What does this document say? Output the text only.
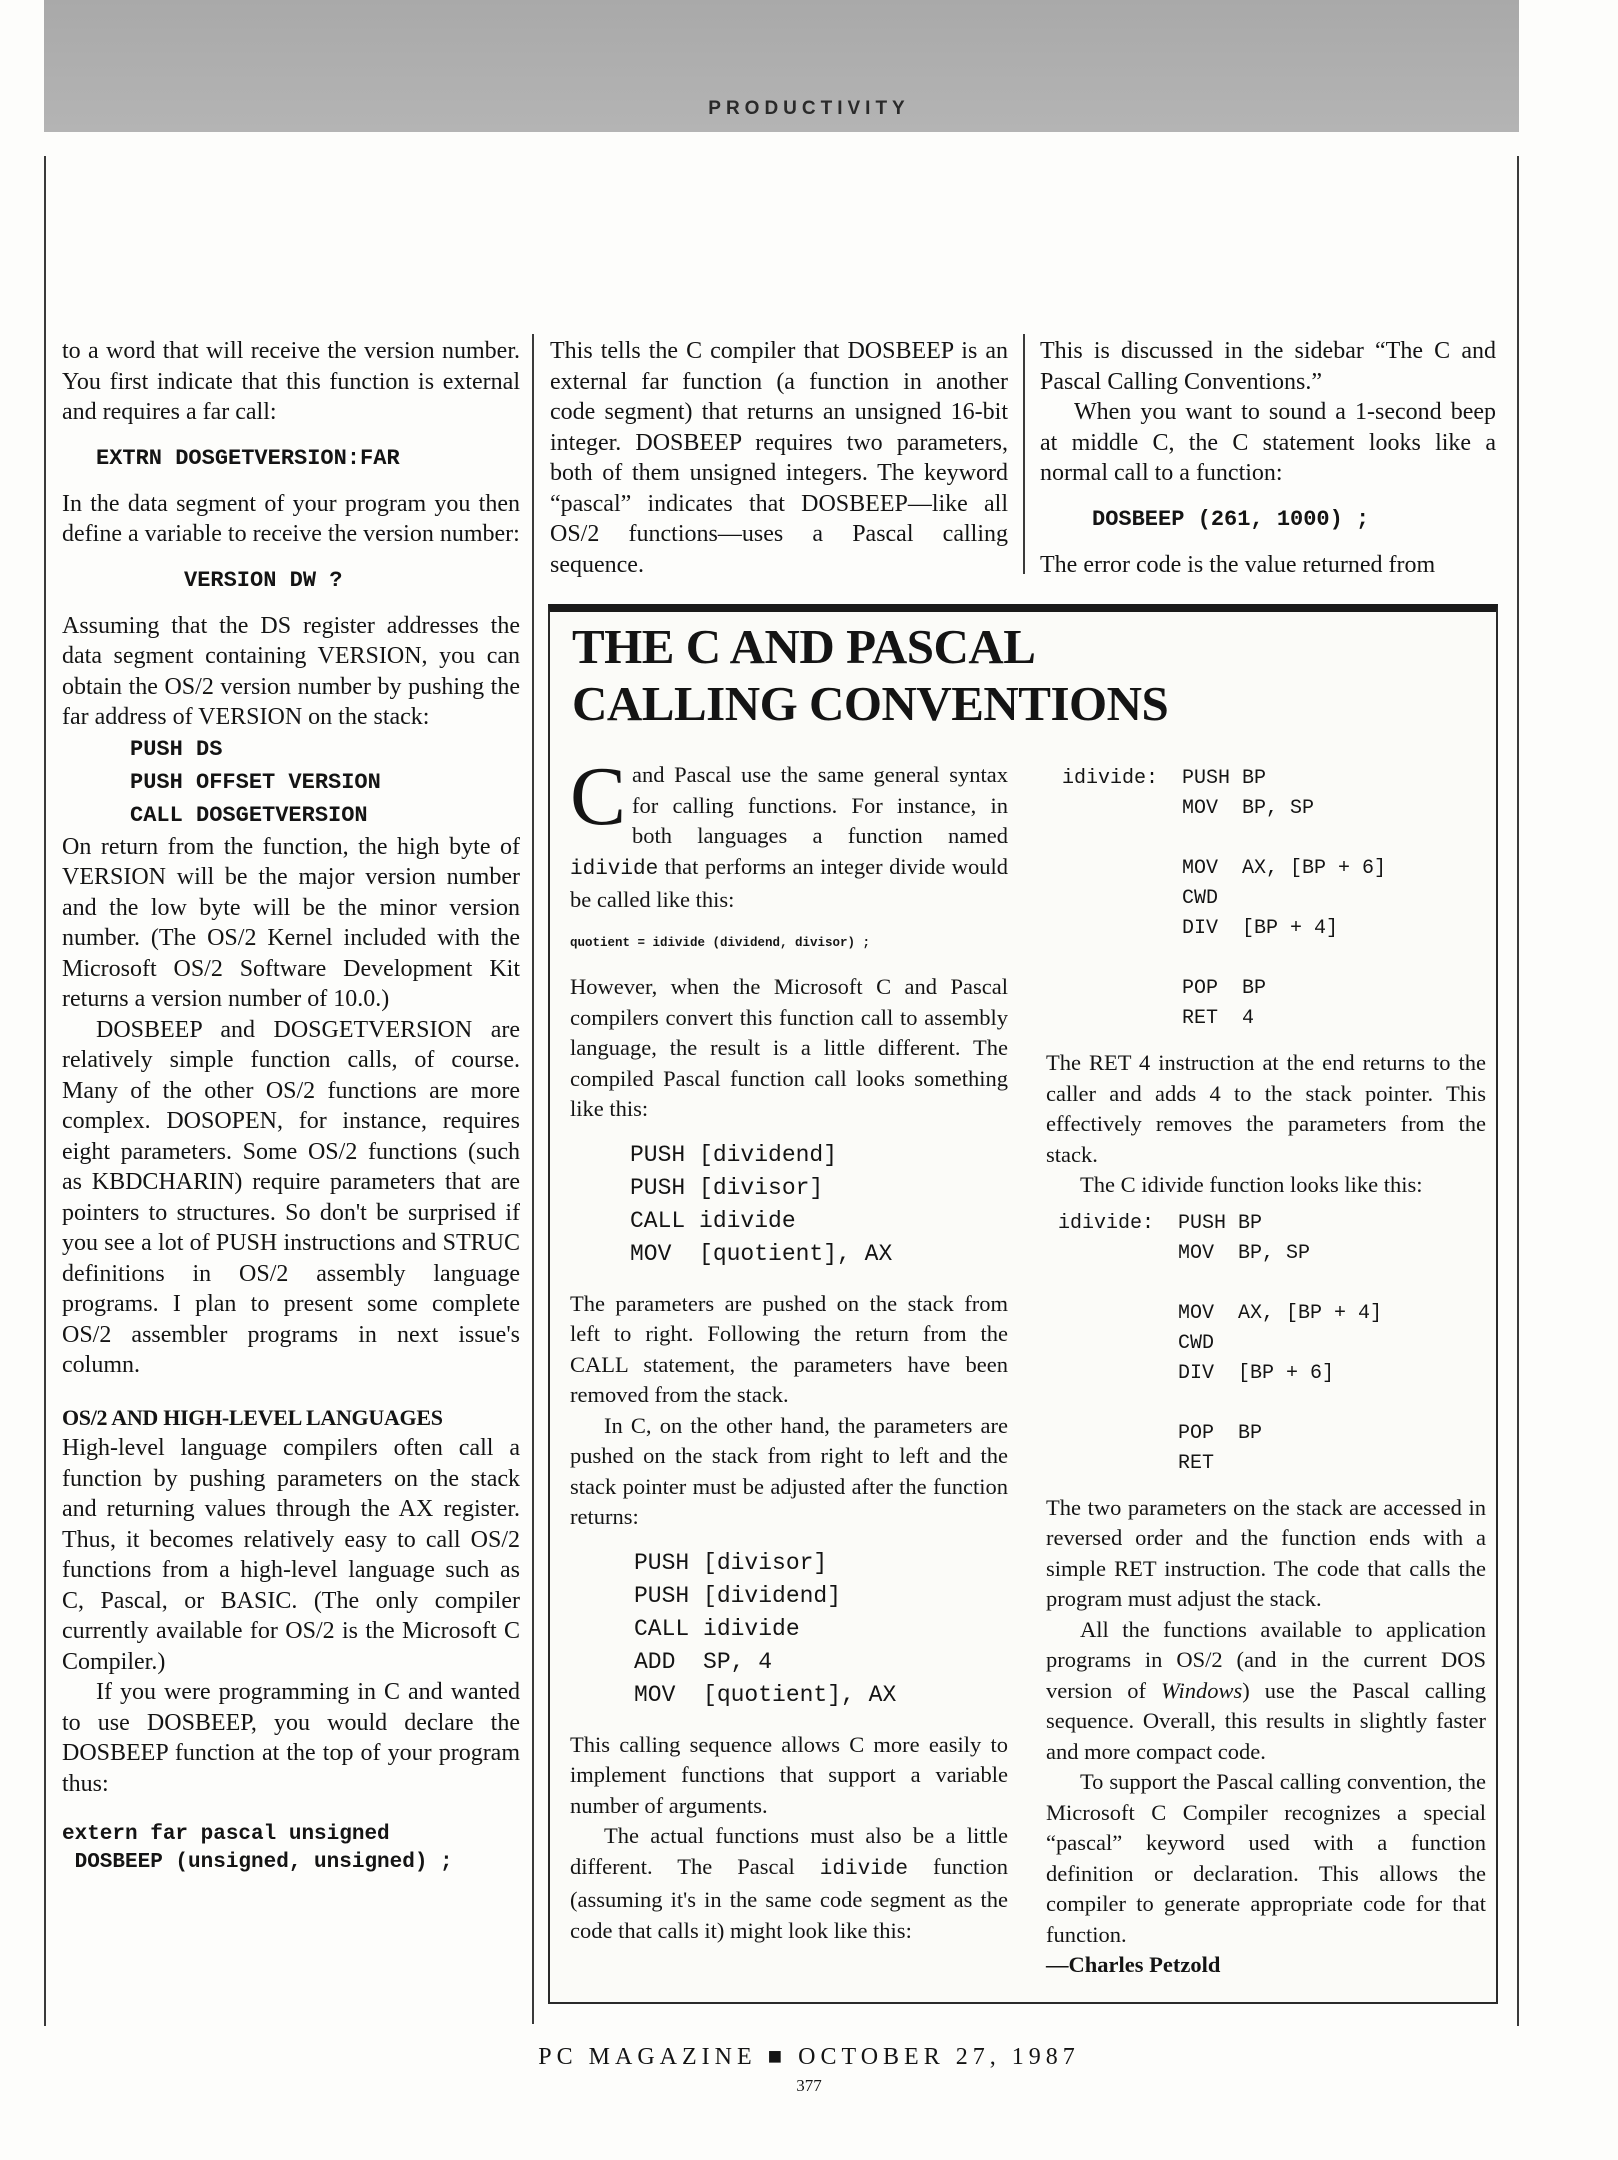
PRODUCTIVITY

to a word that will receive the version number. You first indicate that this function is external and requires a far call:

EXTRN DOSGETVERSION:FAR

In the data segment of your program you then define a variable to receive the version number:

VERSION DW ?

Assuming that the DS register addresses the data segment containing VERSION, you can obtain the OS/2 version number by pushing the far address of VERSION on the stack:

PUSH DS
PUSH OFFSET VERSION
CALL DOSGETVERSION

On return from the function, the high byte of VERSION will be the major version number and the low byte will be the minor version number. (The OS/2 Kernel included with the Microsoft OS/2 Software Development Kit returns a version number of 10.0.)

DOSBEEP and DOSGETVERSION are relatively simple function calls, of course. Many of the other OS/2 functions are more complex. DOSOPEN, for instance, requires eight parameters. Some OS/2 functions (such as KBDCHARIN) require parameters that are pointers to structures. So don't be surprised if you see a lot of PUSH instructions and STRUC definitions in OS/2 assembly language programs. I plan to present some complete OS/2 assembler programs in next issue's column.

OS/2 AND HIGH-LEVEL LANGUAGES

High-level language compilers often call a function by pushing parameters on the stack and returning values through the AX register. Thus, it becomes relatively easy to call OS/2 functions from a high-level language such as C, Pascal, or BASIC. (The only compiler currently available for OS/2 is the Microsoft C Compiler.)

If you were programming in C and wanted to use DOSBEEP, you would declare the DOSBEEP function at the top of your program thus:

extern far pascal unsigned
DOSBEEP (unsigned, unsigned) ;

This tells the C compiler that DOSBEEP is an external far function (a function in another code segment) that returns an unsigned 16-bit integer. DOSBEEP requires two parameters, both of them unsigned integers. The keyword “pascal” indicates that DOSBEEP—like all OS/2 functions—uses a Pascal calling sequence.

This is discussed in the sidebar “The C and Pascal Calling Conventions.”

When you want to sound a 1-second beep at middle C, the C statement looks like a normal call to a function:

DOSBEEP (261, 1000) ;

The error code is the value returned from

THE C AND PASCAL
CALLING CONVENTIONS

Cand Pascal use the same general syntax for calling functions. For instance, in both languages a function named idivide that performs an integer divide would be called like this:

quotient = idivide (dividend, divisor) ;

However, when the Microsoft C and Pascal compilers convert this function call to assembly language, the result is a little different. The compiled Pascal function call looks something like this:

PUSH [dividend]
PUSH [divisor]
CALL idivide
MOV  [quotient], AX

The parameters are pushed on the stack from left to right. Following the return from the CALL statement, the parameters have been removed from the stack.

In C, on the other hand, the parameters are pushed on the stack from right to left and the stack pointer must be adjusted after the function returns:

PUSH [divisor]
PUSH [dividend]
CALL idivide
ADD  SP, 4
MOV  [quotient], AX

This calling sequence allows C more easily to implement functions that support a variable number of arguments.

The actual functions must also be a little different. The Pascal idivide function (assuming it's in the same code segment as the code that calls it) might look like this:

idivide:  PUSH BP
MOV  BP, SP

MOV  AX, [BP + 6]
CWD
DIV  [BP + 4]

POP  BP
RET  4

The RET 4 instruction at the end returns to the caller and adds 4 to the stack pointer. This effectively removes the parameters from the stack.

The C idivide function looks like this:

idivide:  PUSH BP
MOV  BP, SP

MOV  AX, [BP + 4]
CWD
DIV  [BP + 6]

POP  BP
RET

The two parameters on the stack are accessed in reversed order and the function ends with a simple RET instruction. The code that calls the program must adjust the stack.

All the functions available to application programs in OS/2 (and in the current DOS version of Windows) use the Pascal calling sequence. Overall, this results in slightly faster and more compact code.

To support the Pascal calling convention, the Microsoft C Compiler recognizes a special “pascal” keyword used with a function definition or declaration. This allows the compiler to generate appropriate code for that function.

—Charles Petzold

PC MAGAZINE ■ OCTOBER 27, 1987
377
